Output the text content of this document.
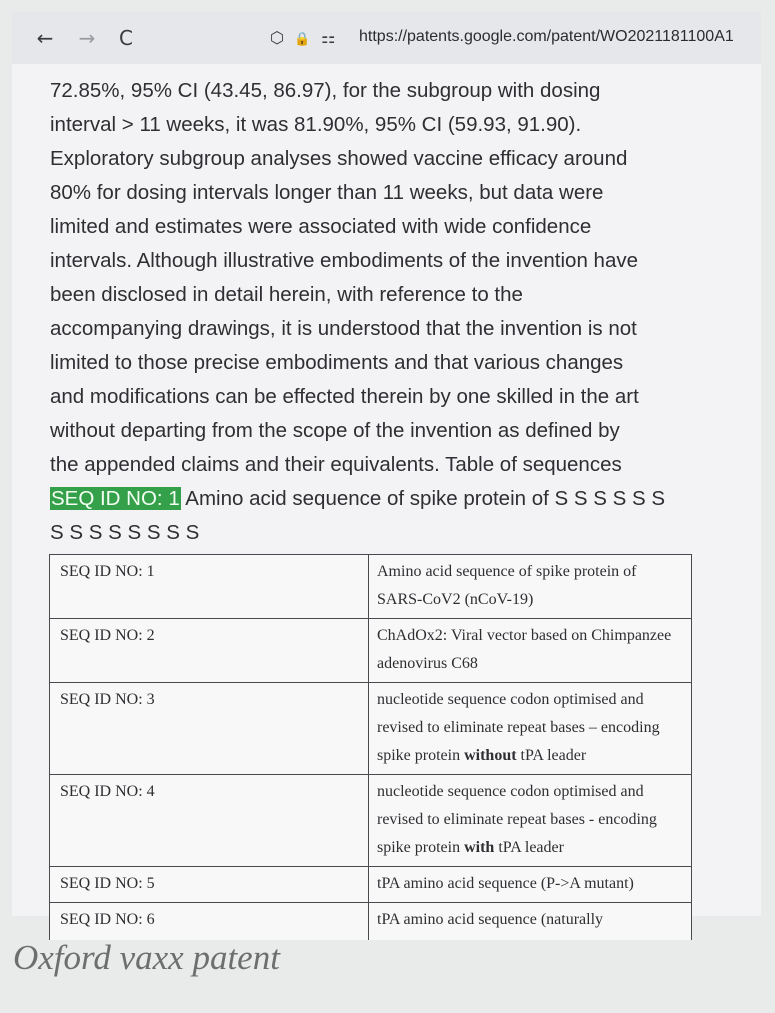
← →	C	⬡ 🔒 ⚏	https://patents.google.com/patent/WO2021181100A1

72.85%, 95% CI (43.45, 86.97), for the subgroup with dosing
interval > 11 weeks, it was 81.90%, 95% CI (59.93, 91.90).
Exploratory subgroup analyses showed vaccine efficacy around
80% for dosing intervals longer than 11 weeks, but data were
limited and estimates were associated with wide confidence
intervals. Although illustrative embodiments of the invention have
been disclosed in detail herein, with reference to the
accompanying drawings, it is understood that the invention is not
limited to those precise embodiments and that various changes
and modifications can be effected therein by one skilled in the art
without departing from the scope of the invention as defined by
the appended claims and their equivalents. Table of sequences
SEQ ID NO: 1 Amino acid sequence of spike protein of S S S S S S
S S S S S S S S

SEQ ID NO: 1	Amino acid sequence of spike protein of SARS-CoV2 (nCoV-19)
SEQ ID NO: 2	ChAdOx2: Viral vector based on Chimpanzee adenovirus C68
SEQ ID NO: 3	nucleotide sequence codon optimised and revised to eliminate repeat bases – encoding spike protein without tPA leader
SEQ ID NO: 4	nucleotide sequence codon optimised and revised to eliminate repeat bases - encoding spike protein with tPA leader
SEQ ID NO: 5	tPA amino acid sequence (P->A mutant)
SEQ ID NO: 6	tPA amino acid sequence (naturally
Oxford vaxx patent
